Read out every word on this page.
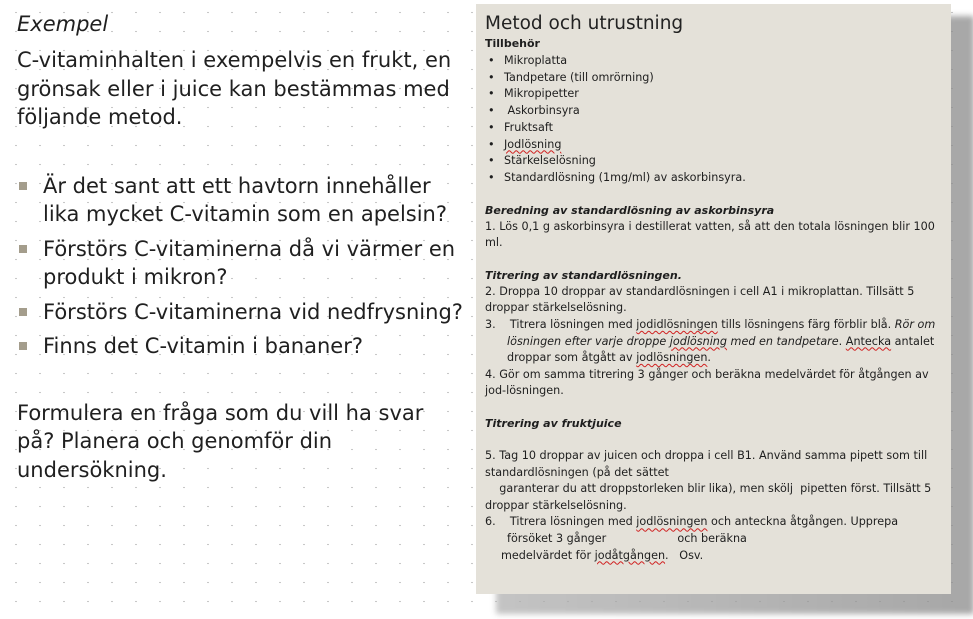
Exempel
C-vitaminhalten i exempelvis en frukt, en grönsak eller i juice kan bestämmas med följande metod.
Är det sant att ett havtorn innehåller lika mycket C-vitamin som en apelsin?
Förstörs C-vitaminerna då vi värmer en produkt i mikron?
Förstörs C-vitaminerna vid nedfrysning?
Finns det C-vitamin i bananer?
Formulera en fråga som du vill ha svar på? Planera och genomför din undersökning.
Metod och utrustning
Tillbehör
• Mikroplatta
• Tandpetare (till omrörning)
• Mikropipetter
• Askorbinsyra
• Fruktsaft
• Jodlösning
• Stärkelselösning
• Standardlösning (1mg/ml) av askorbinsyra.
Beredning av standardlösning av askorbinsyra
1. Lös 0,1 g askorbinsyra i destillerat vatten, så att den totala lösningen blir 100 ml.
Titrering av standardlösningen.
2. Droppa 10 droppar av standardlösningen i cell A1 i mikroplattan. Tillsätt 5 droppar stärkelselösning.
3.    Titrera lösningen med jodidlösningen tills lösningens färg förblir blå. Rör om lösningen efter varje droppe jodlösning med en tandpetare. Antecka antalet droppar som åtgått av jodlösningen.
4. Gör om samma titrering 3 gånger och beräkna medelvärdet för åtgången av jod-lösningen.
Titrering av fruktjuice
5. Tag 10 droppar av juicen och droppa i cell B1. Använd samma pipett som till standardlösningen (på det sättet
garanterar du att droppstorleken blir lika), men skölj  pipetten först. Tillsätt 5 droppar stärkelselösning.
6.    Titrera lösningen med jodlösningen och anteckna åtgången. Upprepa
försöket 3 gånger                    och beräkna
medelvärdet för jodåtgången.   Osv.
